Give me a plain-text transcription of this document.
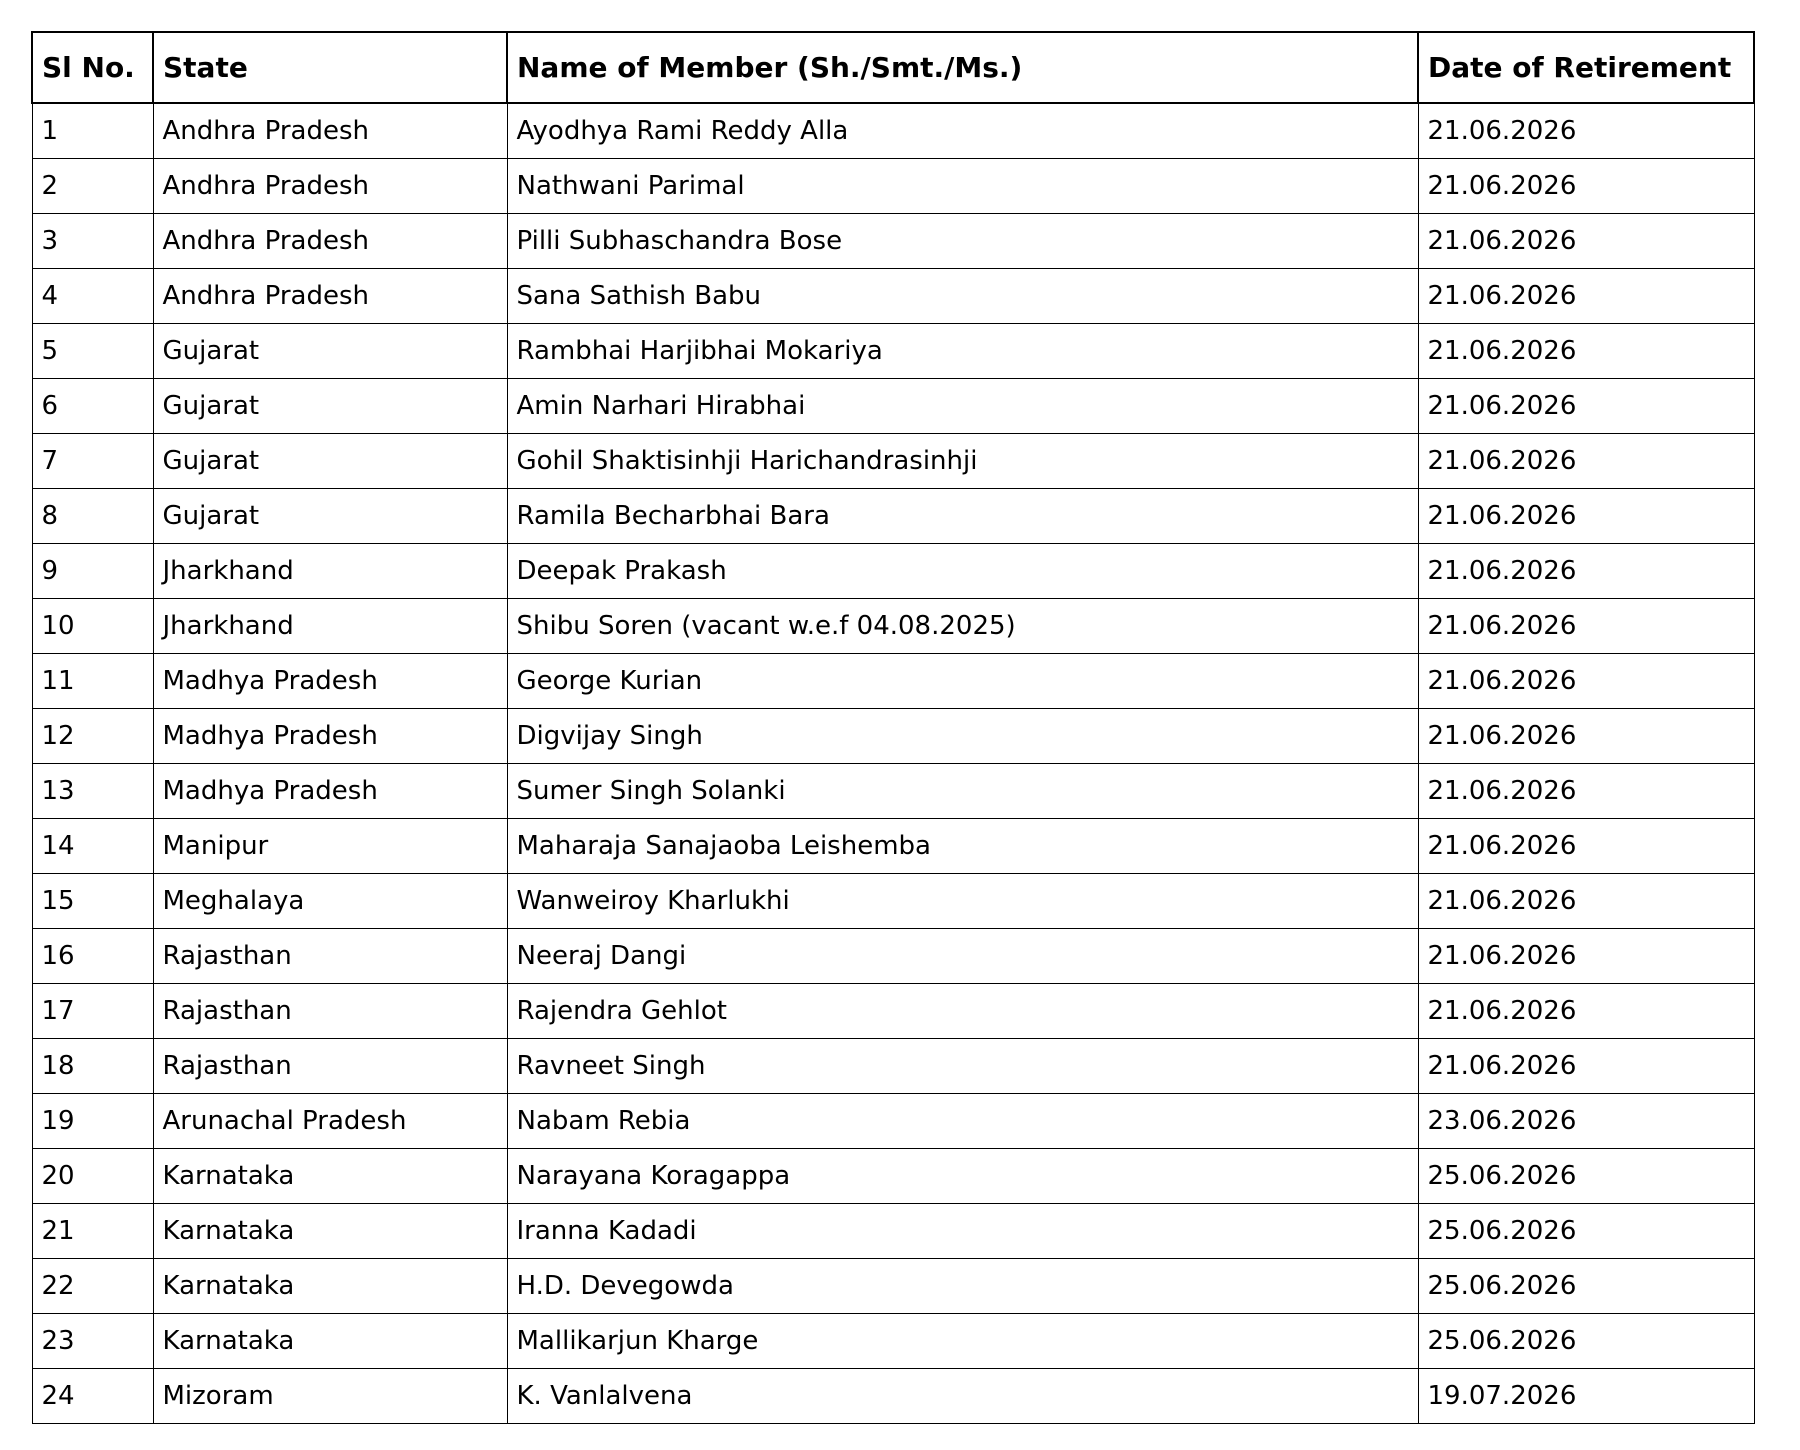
Sl No.	State	Name of Member (Sh./Smt./Ms.)	Date of Retirement
1	Andhra Pradesh	Ayodhya Rami Reddy Alla	21.06.2026
2	Andhra Pradesh	Nathwani Parimal	21.06.2026
3	Andhra Pradesh	Pilli Subhaschandra Bose	21.06.2026
4	Andhra Pradesh	Sana Sathish Babu	21.06.2026
5	Gujarat	Rambhai Harjibhai Mokariya	21.06.2026
6	Gujarat	Amin Narhari Hirabhai	21.06.2026
7	Gujarat	Gohil Shaktisinhji Harichandrasinhji	21.06.2026
8	Gujarat	Ramila Becharbhai Bara	21.06.2026
9	Jharkhand	Deepak Prakash	21.06.2026
10	Jharkhand	Shibu Soren (vacant w.e.f 04.08.2025)	21.06.2026
11	Madhya Pradesh	George Kurian	21.06.2026
12	Madhya Pradesh	Digvijay Singh	21.06.2026
13	Madhya Pradesh	Sumer Singh Solanki	21.06.2026
14	Manipur	Maharaja Sanajaoba Leishemba	21.06.2026
15	Meghalaya	Wanweiroy Kharlukhi	21.06.2026
16	Rajasthan	Neeraj Dangi	21.06.2026
17	Rajasthan	Rajendra Gehlot	21.06.2026
18	Rajasthan	Ravneet Singh	21.06.2026
19	Arunachal Pradesh	Nabam Rebia	23.06.2026
20	Karnataka	Narayana Koragappa	25.06.2026
21	Karnataka	Iranna Kadadi	25.06.2026
22	Karnataka	H.D. Devegowda	25.06.2026
23	Karnataka	Mallikarjun Kharge	25.06.2026
24	Mizoram	K. Vanlalvena	19.07.2026
